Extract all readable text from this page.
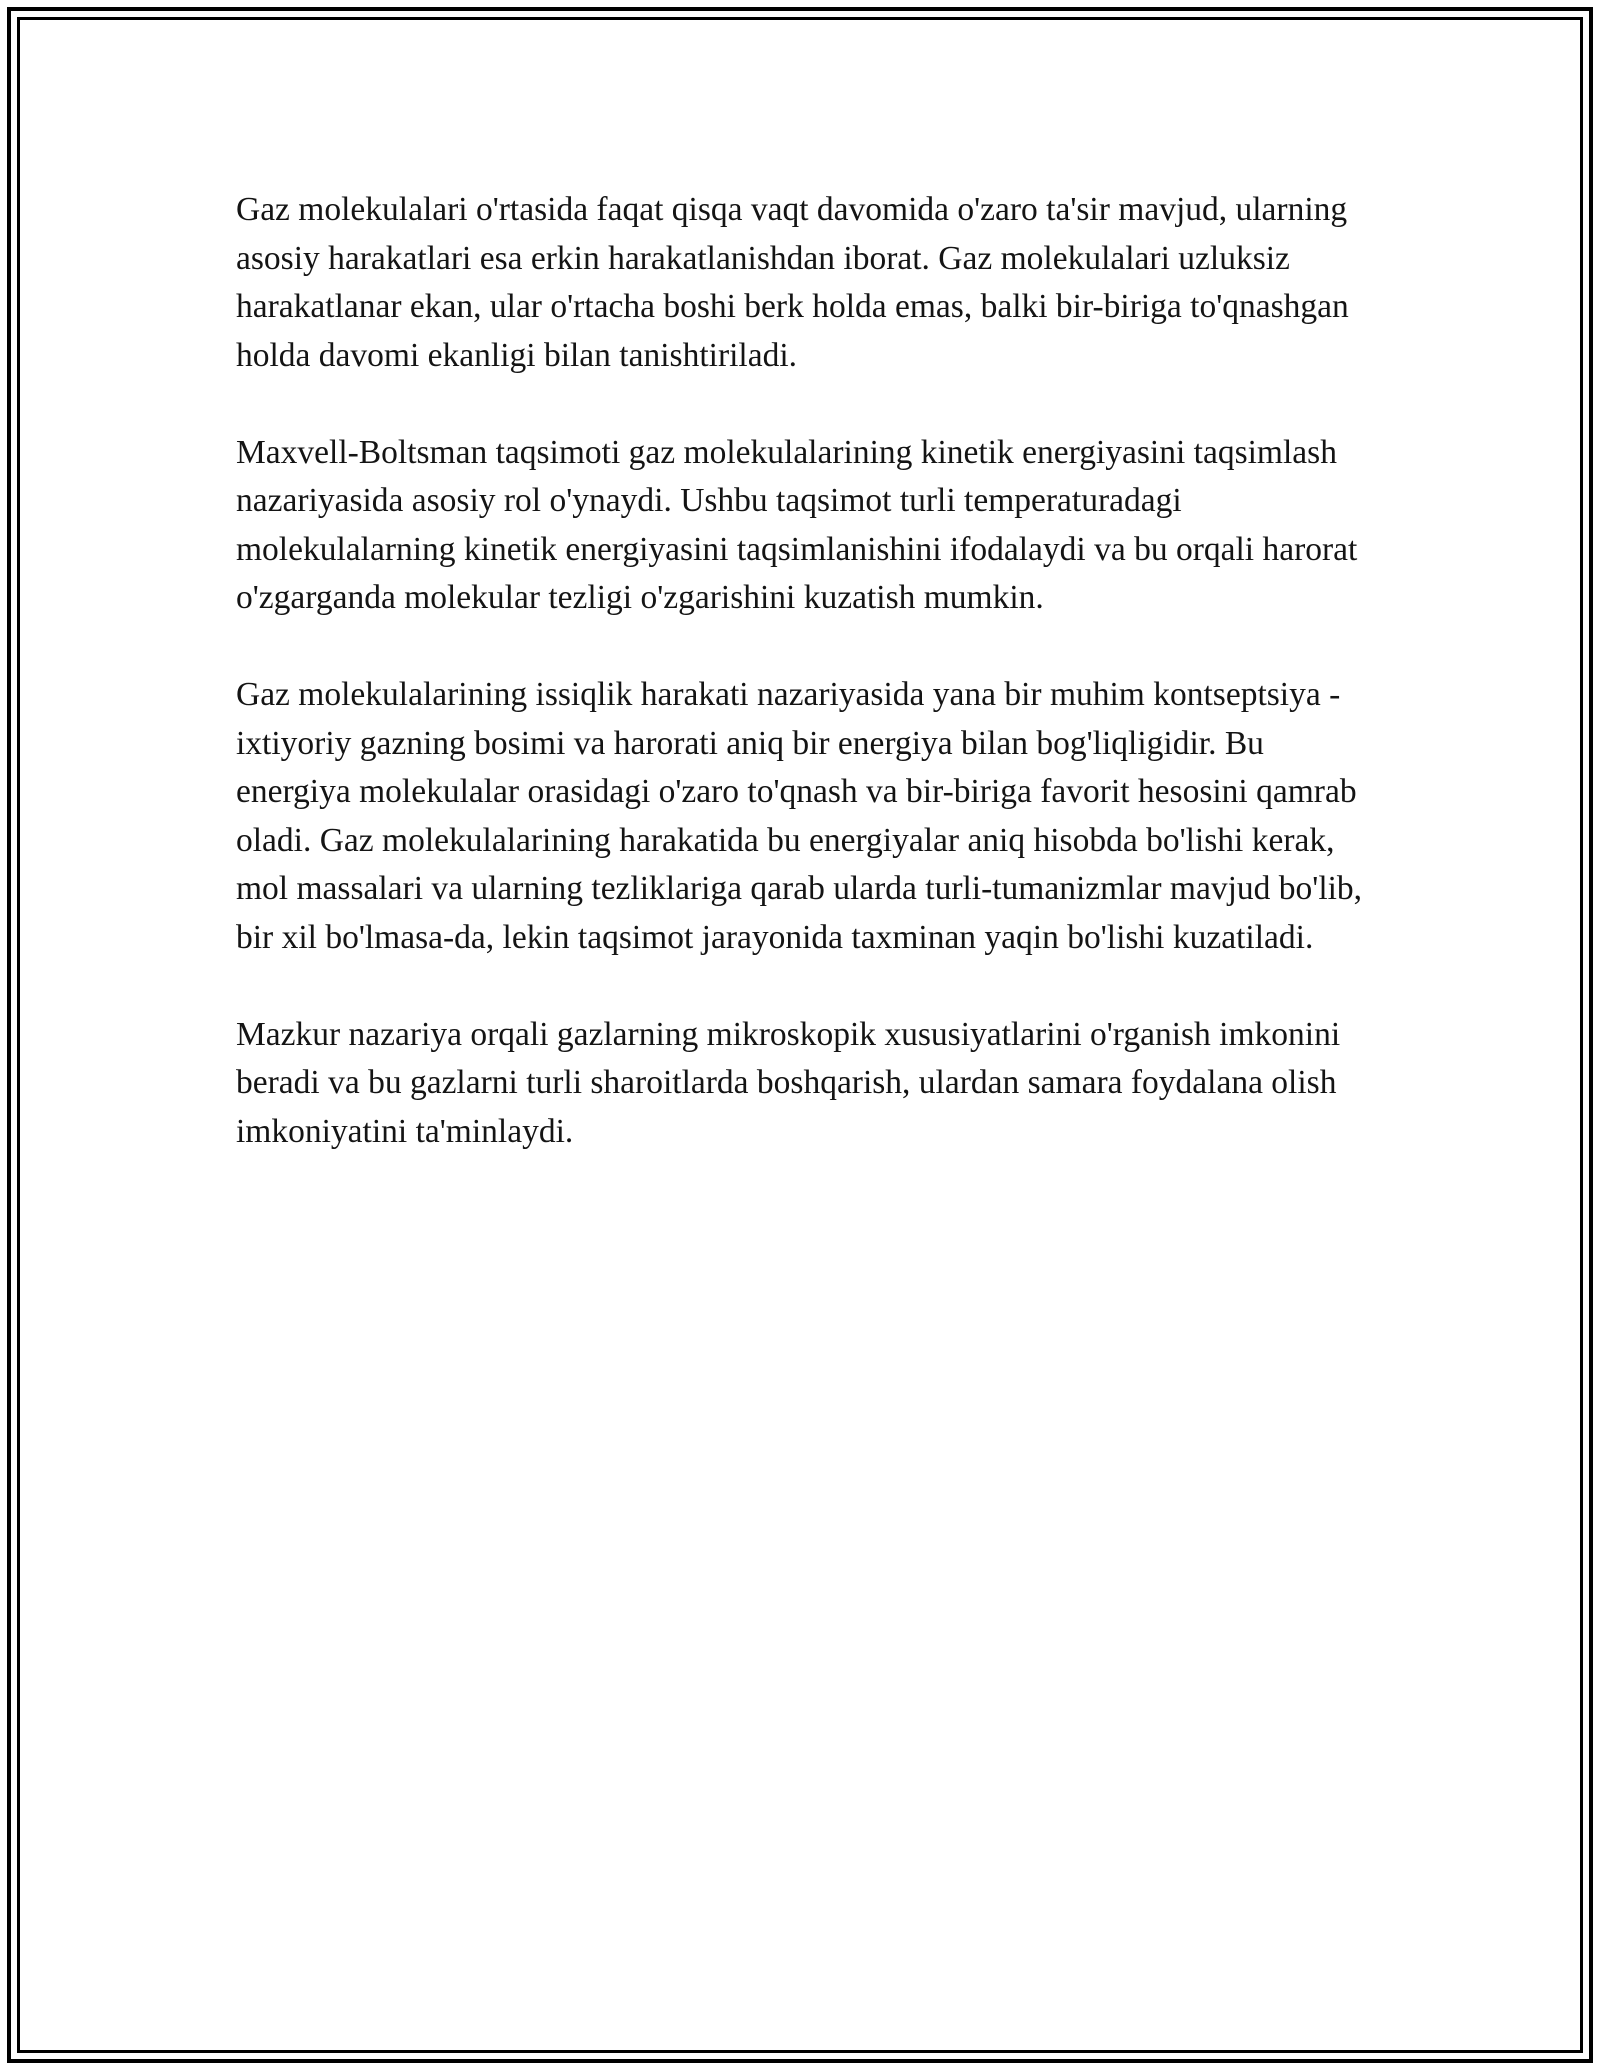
Gaz molekulalari o'rtasida faqat qisqa vaqt davomida o'zaro ta'sir mavjud, ularning asosiy harakatlari esa erkin harakatlanishdan iborat. Gaz molekulalari uzluksiz harakatlanar ekan, ular o'rtacha boshi berk holda emas, balki bir-biriga to'qnashgan holda davomi ekanligi bilan tanishtiriladi.

Maxvell-Boltsman taqsimoti gaz molekulalarining kinetik energiyasini taqsimlash nazariyasida asosiy rol o'ynaydi. Ushbu taqsimot turli temperaturadagi molekulalarning kinetik energiyasini taqsimlanishini ifodalaydi va bu orqali harorat o'zgarganda molekular tezligi o'zgarishini kuzatish mumkin.

Gaz molekulalarining issiqlik harakati nazariyasida yana bir muhim kontseptsiya - ixtiyoriy gazning bosimi va harorati aniq bir energiya bilan bog'liqligidir. Bu energiya molekulalar orasidagi o'zaro to'qnash va bir-biriga favorit hesosini qamrab oladi. Gaz molekulalarining harakatida bu energiyalar aniq hisobda bo'lishi kerak, mol massalari va ularning tezliklariga qarab ularda turli-tumanizmlar mavjud bo'lib, bir xil bo'lmasa-da, lekin taqsimot jarayonida taxminan yaqin bo'lishi kuzatiladi.

Mazkur nazariya orqali gazlarning mikroskopik xususiyatlarini o'rganish imkonini beradi va bu gazlarni turli sharoitlarda boshqarish, ulardan samara foydalana olish imkoniyatini ta'minlaydi.
